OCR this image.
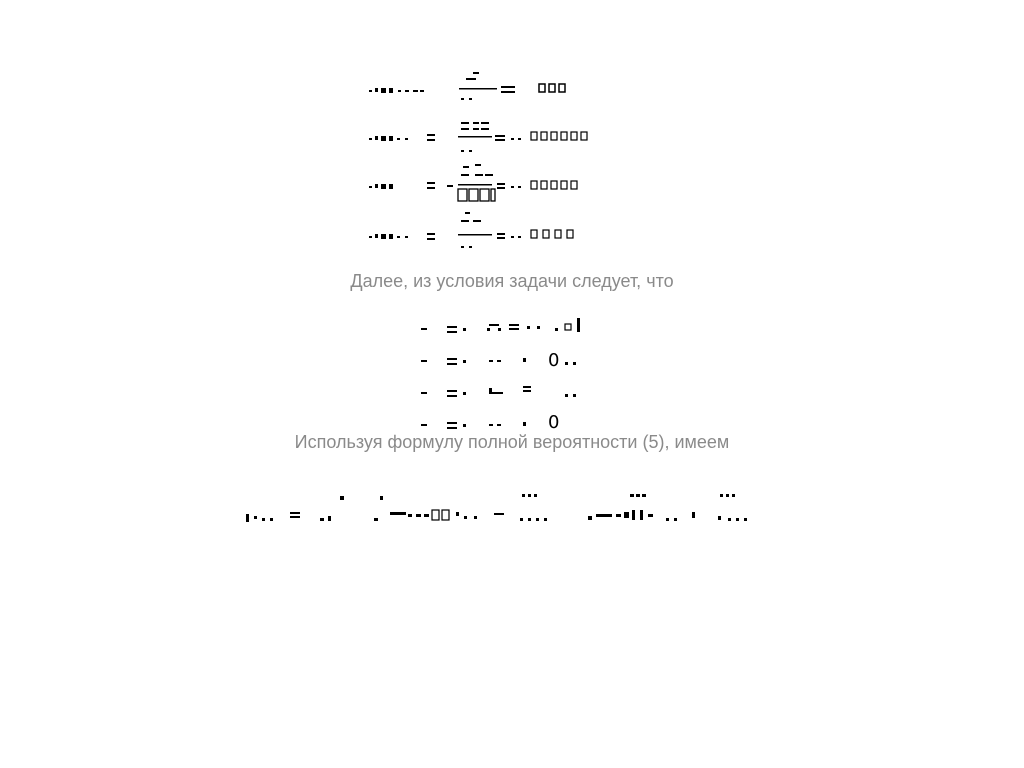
Далее, из условия задачи следует, что
0
0
Используя формулу полной вероятности (5), имеем
